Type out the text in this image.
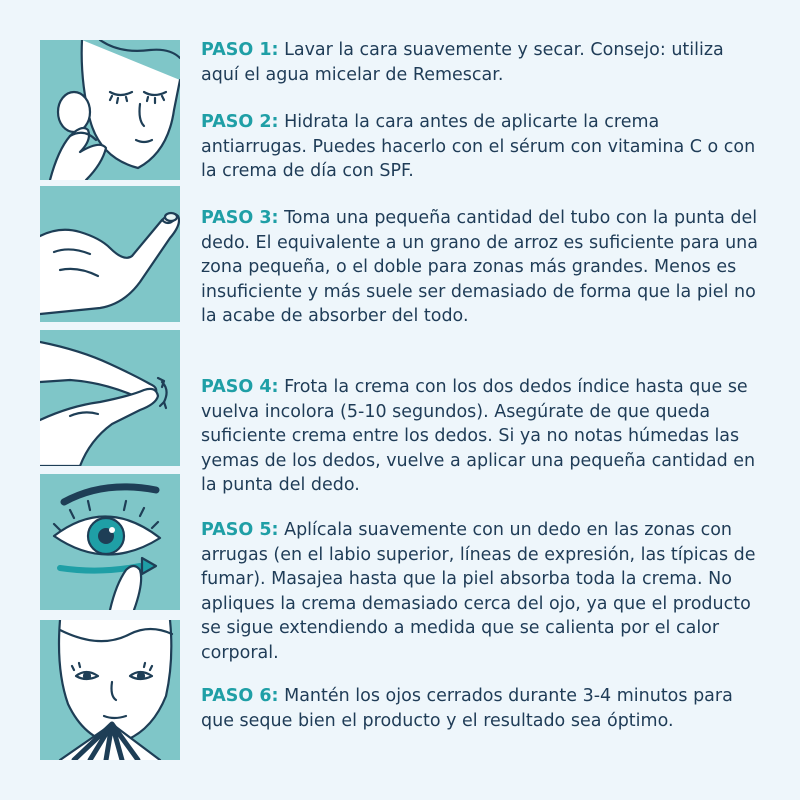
PASO 1: Lavar la cara suavemente y secar. Consejo: utiliza aquí el agua micelar de Remescar.

PASO 2: Hidrata la cara antes de aplicarte la crema antiarrugas. Puedes hacerlo con el sérum con vitamina C o con la crema de día con SPF.

PASO 3: Toma una pequeña cantidad del tubo con la punta del dedo. El equivalente a un grano de arroz es suficiente para una zona pequeña, o el doble para zonas más grandes. Menos es insuficiente y más suele ser demasiado de forma que la piel no la acabe de absorber del todo.

PASO 4: Frota la crema con los dos dedos índice hasta que se vuelva incolora (5-10 segundos). Asegúrate de que queda suficiente crema entre los dedos. Si ya no notas húmedas las yemas de los dedos, vuelve a aplicar una pequeña cantidad en la punta del dedo.

PASO 5: Aplícala suavemente con un dedo en las zonas con arrugas (en el labio superior, líneas de expresión, las típicas de fumar). Masajea hasta que la piel absorba toda la crema. No apliques la crema demasiado cerca del ojo, ya que el producto se sigue extendiendo a medida que se calienta por el calor corporal.

PASO 6: Mantén los ojos cerrados durante 3-4 minutos para que seque bien el producto y el resultado sea óptimo.
